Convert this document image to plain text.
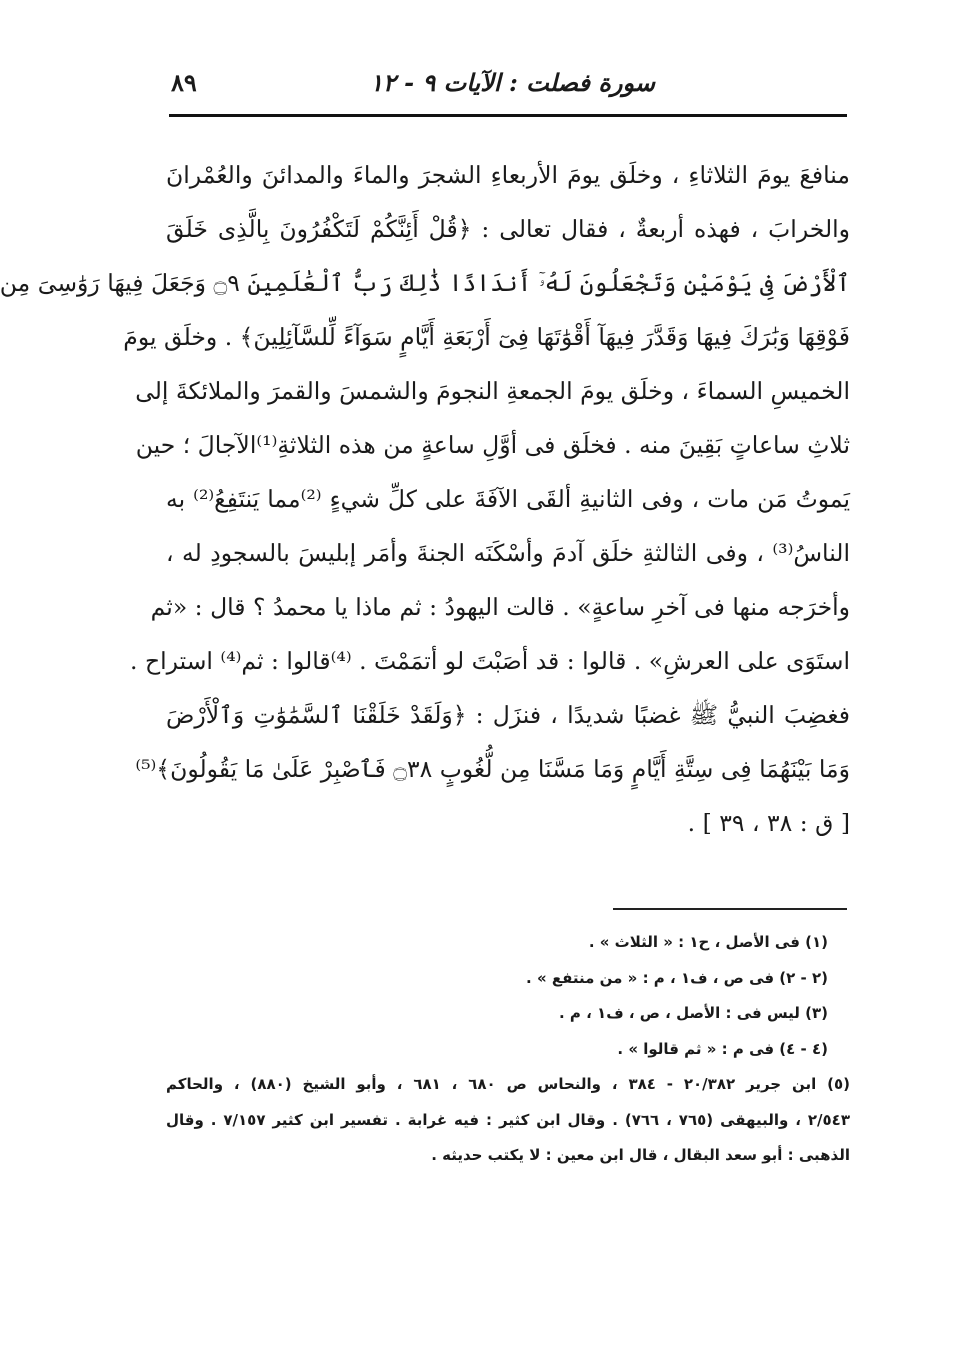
سورة فصلت : الآيات ٩ - ١٢
٨٩
منافعَ يومَ الثلاثاءِ ، وخلَق يومَ الأربعاءِ الشجرَ والماءَ والمدائنَ والعُمْرانَ
والخرابَ ، فهذه أربعةٌ ، فقال تعالى : ﴿قُلْ أَئِنَّكُمْ لَتَكْفُرُونَ بِالَّذِى خَلَقَ
ٱلْأَرْضَ فِى يَوْمَيْنِ وَتَجْعَلُونَ لَهُۥٓ أَندَادًا ذَٰلِكَ رَبُّ ٱلْعَٰلَمِينَ ۝٩ وَجَعَلَ فِيهَا رَوَٰسِىَ مِن
فَوْقِهَا وَبَٰرَكَ فِيهَا وَقَدَّرَ فِيهَآ أَقْوَٰتَهَا فِىٓ أَرْبَعَةِ أَيَّامٍ سَوَآءً لِّلسَّآئِلِينَ﴾ . وخلَق يومَ
الخميسِ السماءَ ، وخلَق يومَ الجمعةِ النجومَ والشمسَ والقمرَ والملائكةَ إلى
ثلاثِ ساعاتٍ بَقِينَ منه . فخلَق فى أوَّلِ ساعةٍ من هذه الثلاثةِ⁽¹⁾الآجالَ ؛ حين
يَموتُ مَن مات ، وفى الثانيةِ ألقَى الآفَةَ على كلِّ شيءٍ ⁽²⁾مما يَنتَفِعُ⁽²⁾ به
الناسُ⁽³⁾ ، وفى الثالثةِ خلَق آدمَ وأسْكَنَه الجنةَ وأمَر إبليسَ بالسجودِ له ،
وأخرَجه منها فى آخرِ ساعةٍ» . قالت اليهودُ : ثم ماذا يا محمدُ ؟ قال : «ثم
استَوَى على العرشِ» . قالوا : قد أصَبْتَ لو أتمَمْتَ . ⁽⁴⁾قالوا : ثم⁽⁴⁾ استراح .
فغضِبَ النبيُّ ﷺ غضبًا شديدًا ، فنزَل : ﴿وَلَقَدْ خَلَقْنَا ٱلسَّمَٰوَٰتِ وَٱلْأَرْضَ
وَمَا بَيْنَهُمَا فِى سِتَّةِ أَيَّامٍ وَمَا مَسَّنَا مِن لُّغُوبٍ ۝٣٨ فَٱصْبِرْ عَلَىٰ مَا يَقُولُونَ﴾⁽⁵⁾
[ ق : ٣٨ ، ٣٩ ] .
(١) فى الأصل ، ح١ : « الثلاث » .
(٢ - ٢) فى ص ، ف١ ، م : « من منتفع » .
(٣) ليس فى : الأصل ، ص ، ف١ ، م .
(٤ - ٤) فى م : « ثم قالوا » .
(٥) ابن جرير ٢٠/٣٨٢ - ٣٨٤ ، والنحاس ص ٦٨٠ ، ٦٨١ ، وأبو الشيخ (٨٨٠) ، والحاكم
٢/٥٤٣ ، والبيهقى (٧٦٥ ، ٧٦٦) . وقال ابن كثير : فيه غرابة . تفسير ابن كثير ٧/١٥٧ . وقال
الذهبى : أبو سعد البقال ، قال ابن معين : لا يكتب حديثه .
